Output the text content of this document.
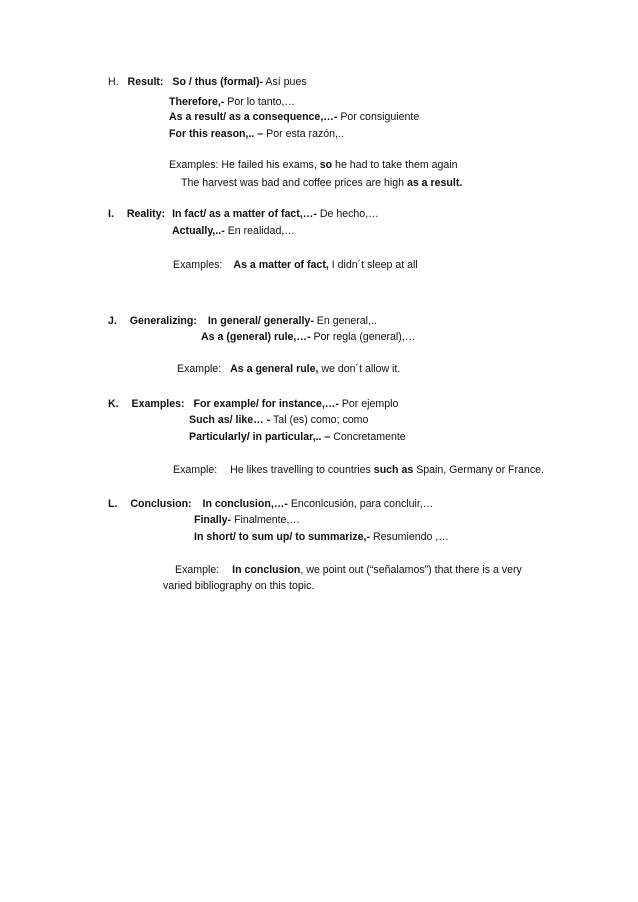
H. Result: So / thus (formal)- Así pues
Therefore,- Por lo tanto,…
As a result/ as a consequence,…- Por consiguiente
For this reason,.. – Por esta razón,..
Examples: He failed his exams, so he had to take them again
The harvest was bad and coffee prices are high as a result.
I. Reality: In fact/ as a matter of fact,…- De hecho,…
Actually,..- En realidad,…
Examples: As a matter of fact, I didn´t sleep at all
J. Generalizing: In general/ generally- En general,..
As a (general) rule,…- Por regla (general),…
Example: As a general rule, we don´t allow it.
K. Examples: For example/ for instance,…- Por ejemplo
Such as/ like… - Tal (es) como; como
Particularly/ in particular,.. – Concretamente
Example: He likes travelling to countries such as Spain, Germany or France.
L. Conclusion: In conclusion,…- Enconlcusión, para concluir,…
Finally- Finalmente,…
In short/ to sum up/ to summarize,- Resumiendo ,…
Example: In conclusion, we point out (“señalamos”) that there is a very
varied bibliography on this topic.
